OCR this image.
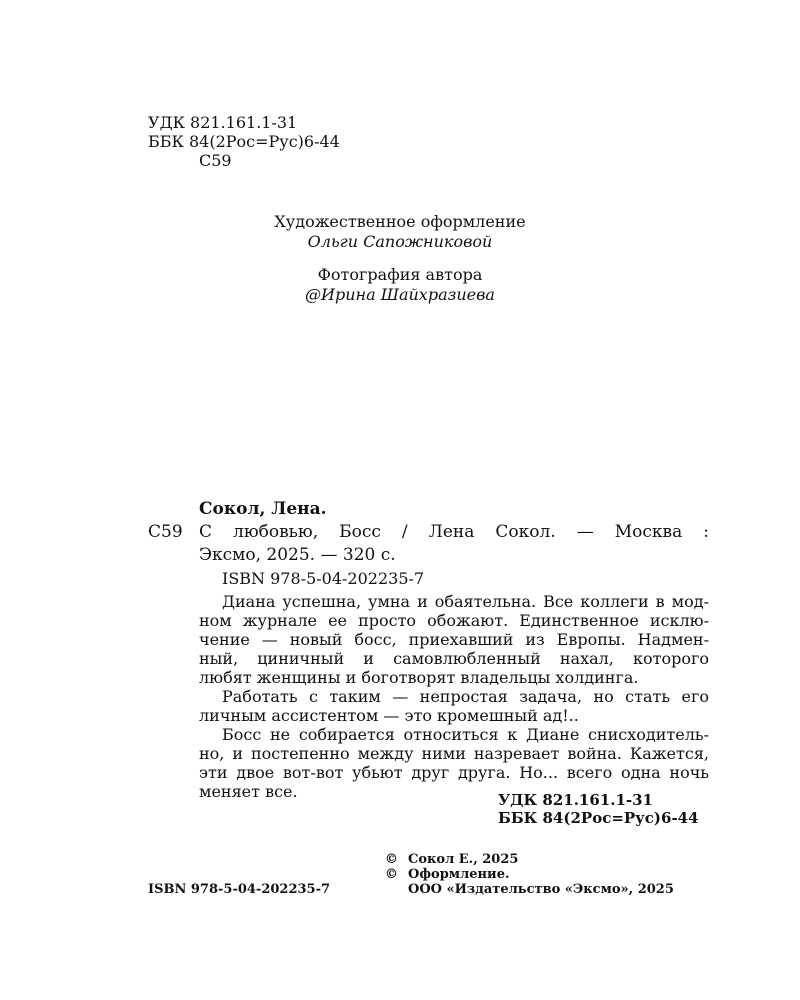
УДК 821.161.1-31
ББК 84(2Рос=Рус)6-44
С59
Художественное оформление
Ольги Сапожниковой
Фотография автора
@Ирина Шайхразиева
Сокол, Лена.
С59 С любовью, Босс / Лена Сокол. — Москва :
Эксмо, 2025. — 320 с.
ISBN 978-5-04-202235-7
Диана успешна, умна и обаятельна. Все коллеги в мод-
ном журнале ее просто обожают. Единственное исклю-
чение — новый босс, приехавший из Европы. Надмен-
ный, циничный и самовлюбленный нахал, которого
любят женщины и боготворят владельцы холдинга.
Работать с таким — непростая задача, но стать его
личным ассистентом — это кромешный ад!..
Босс не собирается относиться к Диане снисходитель-
но, и постепенно между ними назревает война. Кажется,
эти двое вот-вот убьют друг друга. Но... всего одна ночь
меняет все.	УДК 821.161.1-31
ББК 84(2Рос=Рус)6-44
ISBN 978-5-04-202235-7
© Сокол Е., 2025
© Оформление.
ООО «Издательство «Эксмо», 2025
